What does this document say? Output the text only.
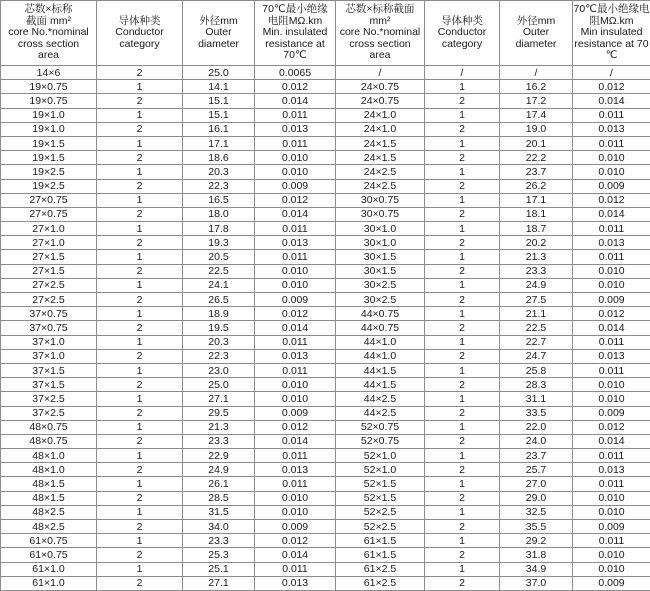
芯数×标称
截面 mm²
core No.*nominal
cross section
area	导体种类
Conductor
category	外径mm
Outer
diameter	70℃最小绝缘
电阻MΩ.km
Min. insulated
resistance at
70℃	芯数×标称截面
mm²
core No.*nominal
cross section
area	导体种类
Conductor
category	外径mm
Outer
diameter	70℃最小绝缘电
阻MΩ.km
Min insulated
resistance at 70
℃

14×6	2	25.0	0.0065	/	/	/	/
19×0.75	1	14.1	0.012	24×0.75	1	16.2	0.012
19×0.75	2	15.1	0.014	24×0.75	2	17.2	0.014
19×1.0	1	15.1	0.011	24×1.0	1	17.4	0.011
19×1.0	2	16.1	0.013	24×1.0	2	19.0	0.013
19×1.5	1	17.1	0.011	24×1.5	1	20.1	0.011
19×1.5	2	18.6	0.010	24×1.5	2	22.2	0.010
19×2.5	1	20.3	0.010	24×2.5	1	23.7	0.010
19×2.5	2	22.3	0.009	24×2.5	2	26.2	0.009
27×0.75	1	16.5	0.012	30×0.75	1	17.1	0.012
27×0.75	2	18.0	0.014	30×0.75	2	18.1	0.014
27×1.0	1	17.8	0.011	30×1.0	1	18.7	0.011
27×1.0	2	19.3	0.013	30×1.0	2	20.2	0.013
27×1.5	1	20.5	0.011	30×1.5	1	21.3	0.011
27×1.5	2	22.5	0.010	30×1.5	2	23.3	0.010
27×2.5	1	24.1	0.010	30×2.5	1	24.9	0.010
27×2.5	2	26.5	0.009	30×2.5	2	27.5	0.009
37×0.75	1	18.9	0.012	44×0.75	1	21.1	0.012
37×0.75	2	19.5	0.014	44×0.75	2	22.5	0.014
37×1.0	1	20.3	0.011	44×1.0	1	22.7	0.011
37×1.0	2	22.3	0.013	44×1.0	2	24.7	0.013
37×1.5	1	23.0	0.011	44×1.5	1	25.8	0.011
37×1.5	2	25.0	0.010	44×1.5	2	28.3	0.010
37×2.5	1	27.1	0.010	44×2.5	1	31.1	0.010
37×2.5	2	29.5	0.009	44×2.5	2	33.5	0.009
48×0.75	1	21.3	0.012	52×0.75	1	22.0	0.012
48×0.75	2	23.3	0.014	52×0.75	2	24.0	0.014
48×1.0	1	22.9	0.011	52×1.0	1	23.7	0.011
48×1.0	2	24.9	0.013	52×1.0	2	25.7	0.013
48×1.5	1	26.1	0.011	52×1.5	1	27.0	0.011
48×1.5	2	28.5	0.010	52×1.5	2	29.0	0.010
48×2.5	1	31.5	0.010	52×2.5	1	32.5	0.010
48×2.5	2	34.0	0.009	52×2.5	2	35.5	0.009
61×0.75	1	23.3	0.012	61×1.5	1	29.2	0.011
61×0.75	2	25.3	0.014	61×1.5	2	31.8	0.010
61×1.0	1	25.1	0.011	61×2.5	1	34.9	0.010
61×1.0	2	27.1	0.013	61×2.5	2	37.0	0.009
